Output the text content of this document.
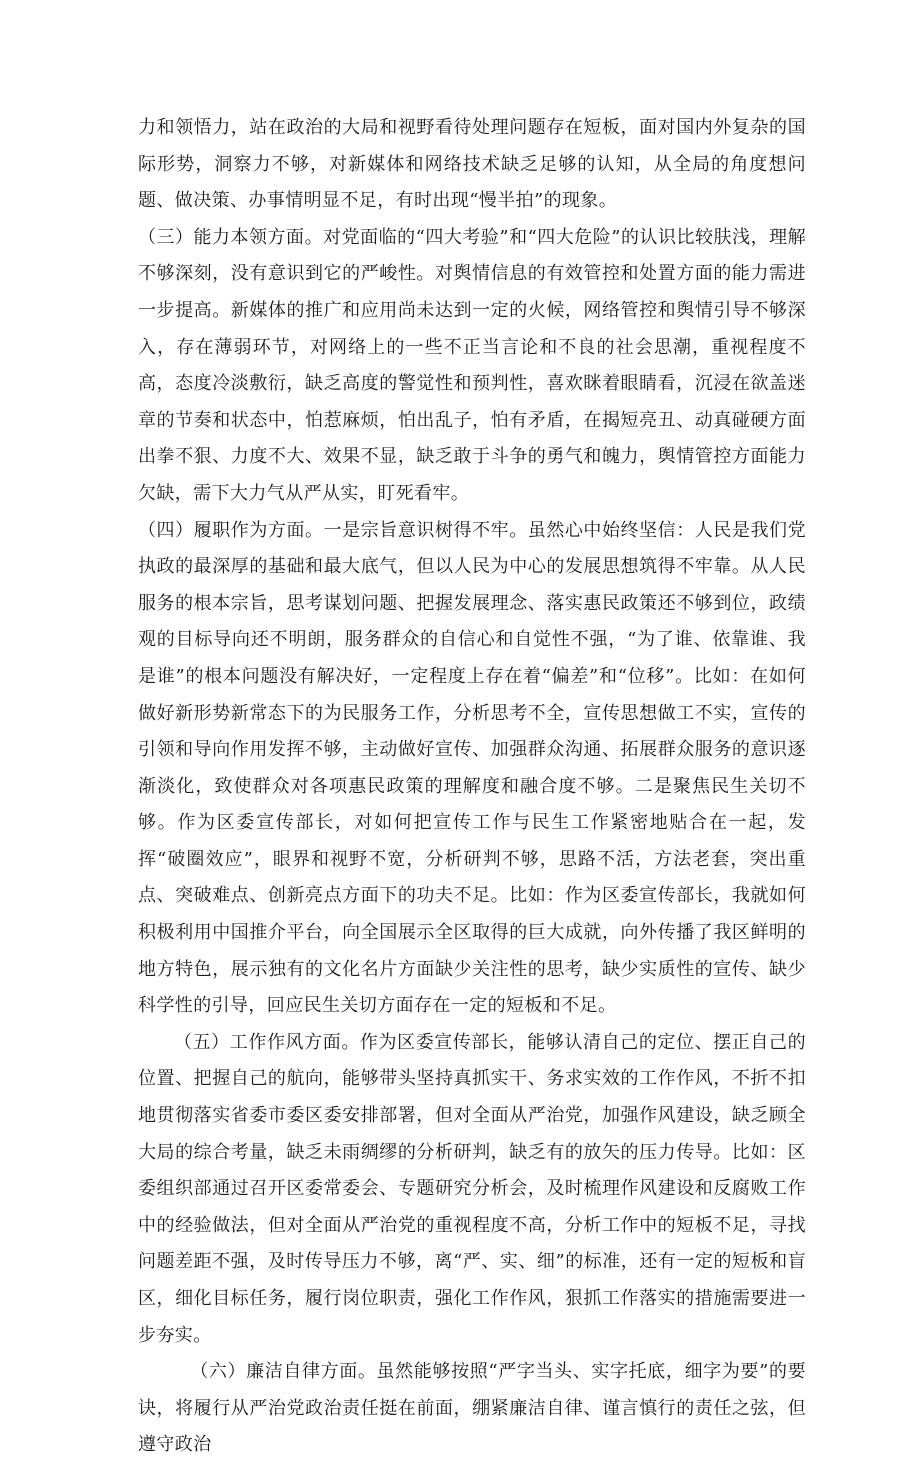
力和领悟力，站在政治的大局和视野看待处理问题存在短板，面对国内外复杂的国际形势，洞察力不够，对新媒体和网络技术缺乏足够的认知，从全局的角度想问题、做决策、办事情明显不足，有时出现“慢半拍”的现象。

（三）能力本领方面。对党面临的“四大考验”和“四大危险”的认识比较肤浅，理解不够深刻，没有意识到它的严峻性。对舆情信息的有效管控和处置方面的能力需进一步提高。新媒体的推广和应用尚未达到一定的火候，网络管控和舆情引导不够深入，存在薄弱环节，对网络上的一些不正当言论和不良的社会思潮，重视程度不高，态度冷淡敷衍，缺乏高度的警觉性和预判性，喜欢眯着眼睛看，沉浸在欲盖迷章的节奏和状态中，怕惹麻烦，怕出乱子，怕有矛盾，在揭短亮丑、动真碰硬方面出拳不狠、力度不大、效果不显，缺乏敢于斗争的勇气和魄力，舆情管控方面能力欠缺，需下大力气从严从实，盯死看牢。

（四）履职作为方面。一是宗旨意识树得不牢。虽然心中始终坚信：人民是我们党执政的最深厚的基础和最大底气，但以人民为中心的发展思想筑得不牢靠。从人民服务的根本宗旨，思考谋划问题、把握发展理念、落实惠民政策还不够到位，政绩观的目标导向还不明朗，服务群众的自信心和自觉性不强，“为了谁、依靠谁、我是谁”的根本问题没有解决好，一定程度上存在着“偏差”和“位移”。比如：在如何做好新形势新常态下的为民服务工作，分析思考不全，宣传思想做工不实，宣传的引领和导向作用发挥不够，主动做好宣传、加强群众沟通、拓展群众服务的意识逐渐淡化，致使群众对各项惠民政策的理解度和融合度不够。二是聚焦民生关切不够。作为区委宣传部长，对如何把宣传工作与民生工作紧密地贴合在一起，发挥“破圈效应”，眼界和视野不宽，分析研判不够，思路不活，方法老套，突出重点、突破难点、创新亮点方面下的功夫不足。比如：作为区委宣传部长，我就如何积极利用中国推介平台，向全国展示全区取得的巨大成就，向外传播了我区鲜明的地方特色，展示独有的文化名片方面缺少关注性的思考，缺少实质性的宣传、缺少科学性的引导，回应民生关切方面存在一定的短板和不足。

（五）工作作风方面。作为区委宣传部长，能够认清自己的定位、摆正自己的位置、把握自己的航向，能够带头坚持真抓实干、务求实效的工作作风，不折不扣地贯彻落实省委市委区委安排部署，但对全面从严治党，加强作风建设，缺乏顾全大局的综合考量，缺乏未雨绸缪的分析研判，缺乏有的放矢的压力传导。比如：区委组织部通过召开区委常委会、专题研究分析会，及时梳理作风建设和反腐败工作中的经验做法，但对全面从严治党的重视程度不高，分析工作中的短板不足，寻找问题差距不强，及时传导压力不够，离“严、实、细”的标准，还有一定的短板和盲区，细化目标任务，履行岗位职责，强化工作作风，狠抓工作落实的措施需要进一步夯实。

（六）廉洁自律方面。虽然能够按照“严字当头、实字托底，细字为要”的要诀，将履行从严治党政治责任挺在前面，绷紧廉洁自律、谨言慎行的责任之弦，但遵守政治
